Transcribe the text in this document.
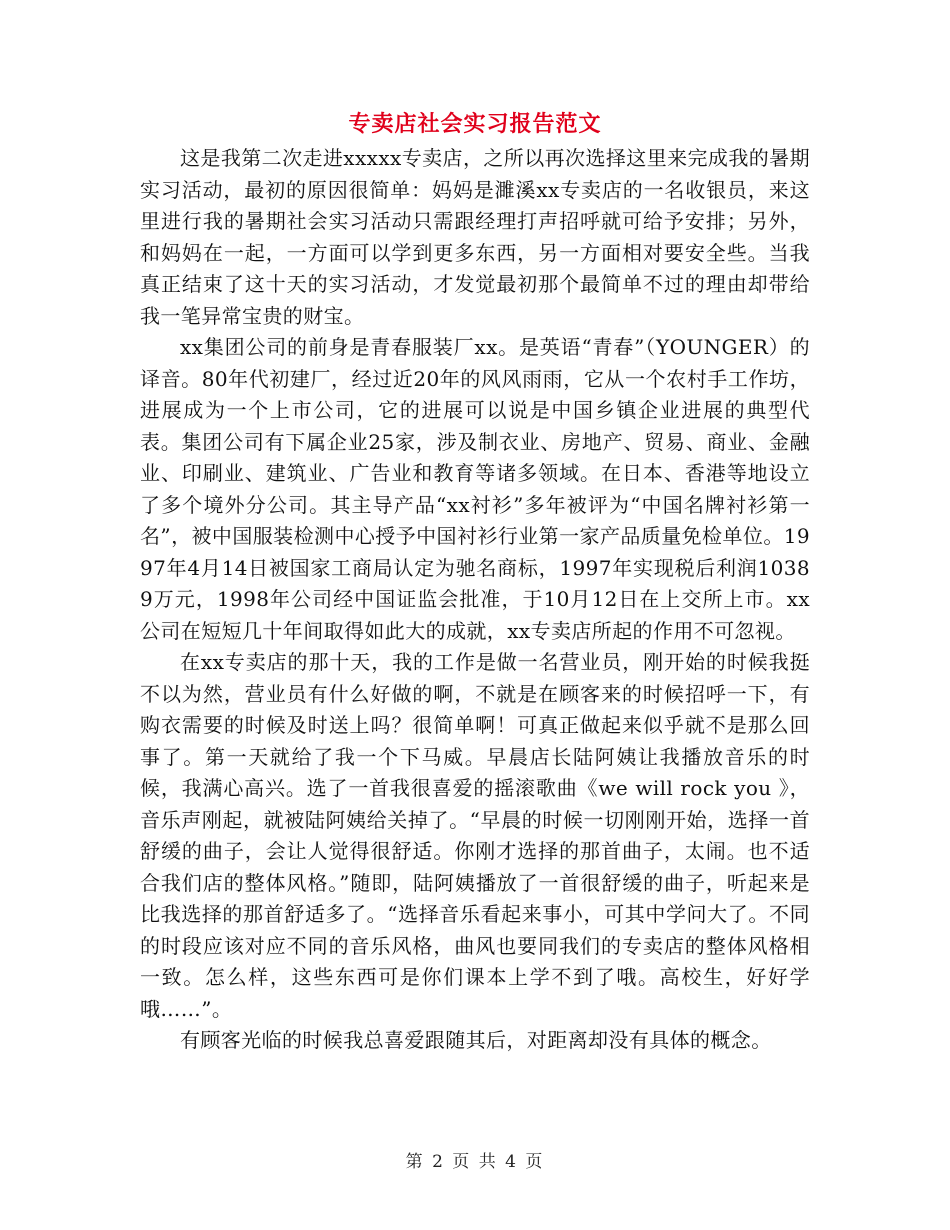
专卖店社会实习报告范文

这是我第二次走进xxxxx专卖店，之所以再次选择这里来完成我的暑期实习活动，最初的原因很简单：妈妈是濉溪xx专卖店的一名收银员，来这里进行我的暑期社会实习活动只需跟经理打声招呼就可给予安排；另外，和妈妈在一起，一方面可以学到更多东西，另一方面相对要安全些。当我真正结束了这十天的实习活动，才发觉最初那个最简单不过的理由却带给我一笔异常宝贵的财宝。

xx集团公司的前身是青春服装厂xx。是英语“青春”（YOUNGER）的译音。80年代初建厂，经过近20年的风风雨雨，它从一个农村手工作坊，进展成为一个上市公司，它的进展可以说是中国乡镇企业进展的典型代表。集团公司有下属企业25家，涉及制衣业、房地产、贸易、商业、金融业、印刷业、建筑业、广告业和教育等诸多领域。在日本、香港等地设立了多个境外分公司。其主导产品“xx衬衫”多年被评为“中国名牌衬衫第一名”，被中国服装检测中心授予中国衬衫行业第一家产品质量免检单位。1997年4月14日被国家工商局认定为驰名商标，1997年实现税后利润10389万元，1998年公司经中国证监会批准，于10月12日在上交所上市。xx公司在短短几十年间取得如此大的成就，xx专卖店所起的作用不可忽视。

在xx专卖店的那十天，我的工作是做一名营业员，刚开始的时候我挺不以为然，营业员有什么好做的啊，不就是在顾客来的时候招呼一下，有购衣需要的时候及时送上吗？很简单啊！可真正做起来似乎就不是那么回事了。第一天就给了我一个下马威。早晨店长陆阿姨让我播放音乐的时候，我满心高兴。选了一首我很喜爱的摇滚歌曲《we will rock you 》，音乐声刚起，就被陆阿姨给关掉了。“早晨的时候一切刚刚开始，选择一首舒缓的曲子，会让人觉得很舒适。你刚才选择的那首曲子，太闹。也不适合我们店的整体风格。”随即，陆阿姨播放了一首很舒缓的曲子，听起来是比我选择的那首舒适多了。“选择音乐看起来事小，可其中学问大了。不同的时段应该对应不同的音乐风格，曲风也要同我们的专卖店的整体风格相一致。怎么样，这些东西可是你们课本上学不到了哦。高校生，好好学哦……”。

有顾客光临的时候我总喜爱跟随其后，对距离却没有具体的概念。

第 2 页 共 4 页
